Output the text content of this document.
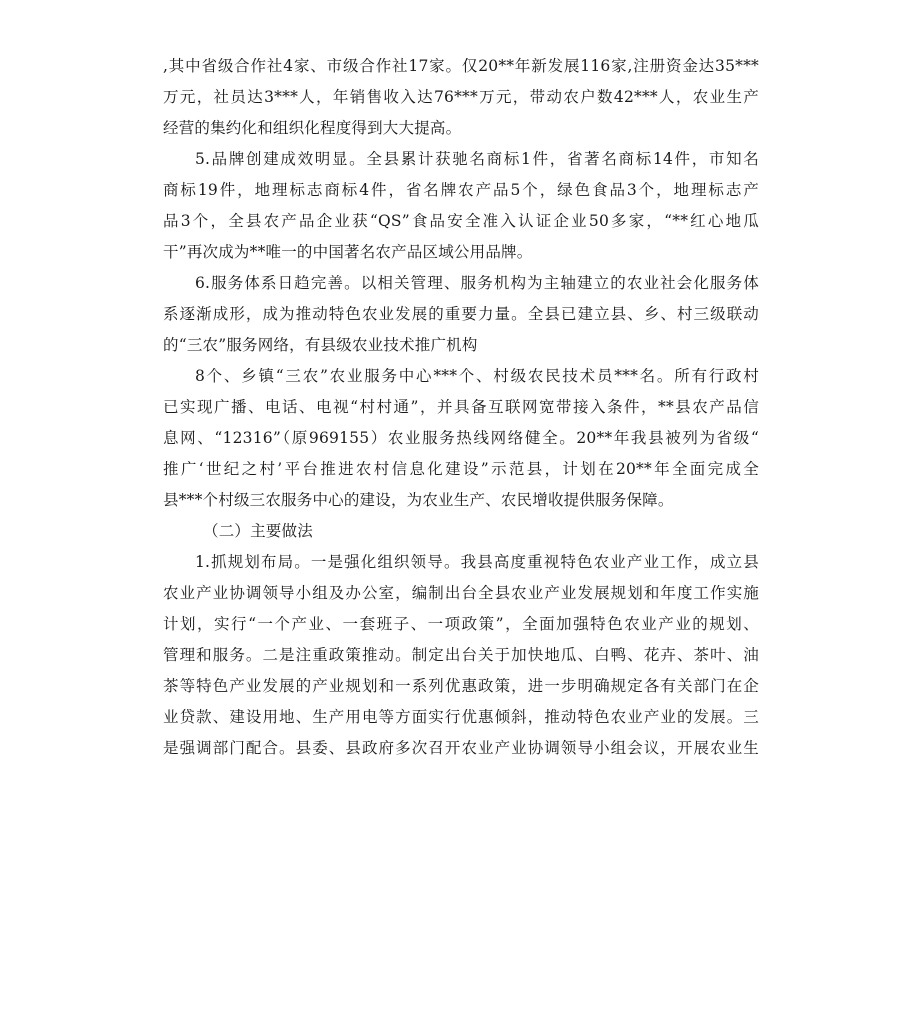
,其中省级合作社4家、市级合作社17家。仅20**年新发展116家,注册资金达35***
万元，社员达3***人，年销售收入达76***万元，带动农户数42***人，农业生产
经营的集约化和组织化程度得到大大提高。
5.品牌创建成效明显。全县累计获驰名商标1件，省著名商标14件，市知名
商标19件，地理标志商标4件，省名牌农产品5个，绿色食品3个，地理标志产
品3个，全县农产品企业获“QS”食品安全准入认证企业50多家，“**红心地瓜
干”再次成为**唯一的中国著名农产品区域公用品牌。
6.服务体系日趋完善。以相关管理、服务机构为主轴建立的农业社会化服务体
系逐渐成形，成为推动特色农业发展的重要力量。全县已建立县、乡、村三级联动
的“三农”服务网络，有县级农业技术推广机构
8个、乡镇“三农”农业服务中心***个、村级农民技术员***名。所有行政村
已实现广播、电话、电视“村村通”，并具备互联网宽带接入条件，**县农产品信
息网、“12316”（原969155）农业服务热线网络健全。20**年我县被列为省级“
推广‘世纪之村’平台推进农村信息化建设”示范县，计划在20**年全面完成全
县***个村级三农服务中心的建设，为农业生产、农民增收提供服务保障。
（二）主要做法
1.抓规划布局。一是强化组织领导。我县高度重视特色农业产业工作，成立县
农业产业协调领导小组及办公室，编制出台全县农业产业发展规划和年度工作实施
计划，实行“一个产业、一套班子、一项政策”，全面加强特色农业产业的规划、
管理和服务。二是注重政策推动。制定出台关于加快地瓜、白鸭、花卉、茶叶、油
茶等特色产业发展的产业规划和一系列优惠政策，进一步明确规定各有关部门在企
业贷款、建设用地、生产用电等方面实行优惠倾斜，推动特色农业产业的发展。三
是强调部门配合。县委、县政府多次召开农业产业协调领导小组会议，开展农业生
